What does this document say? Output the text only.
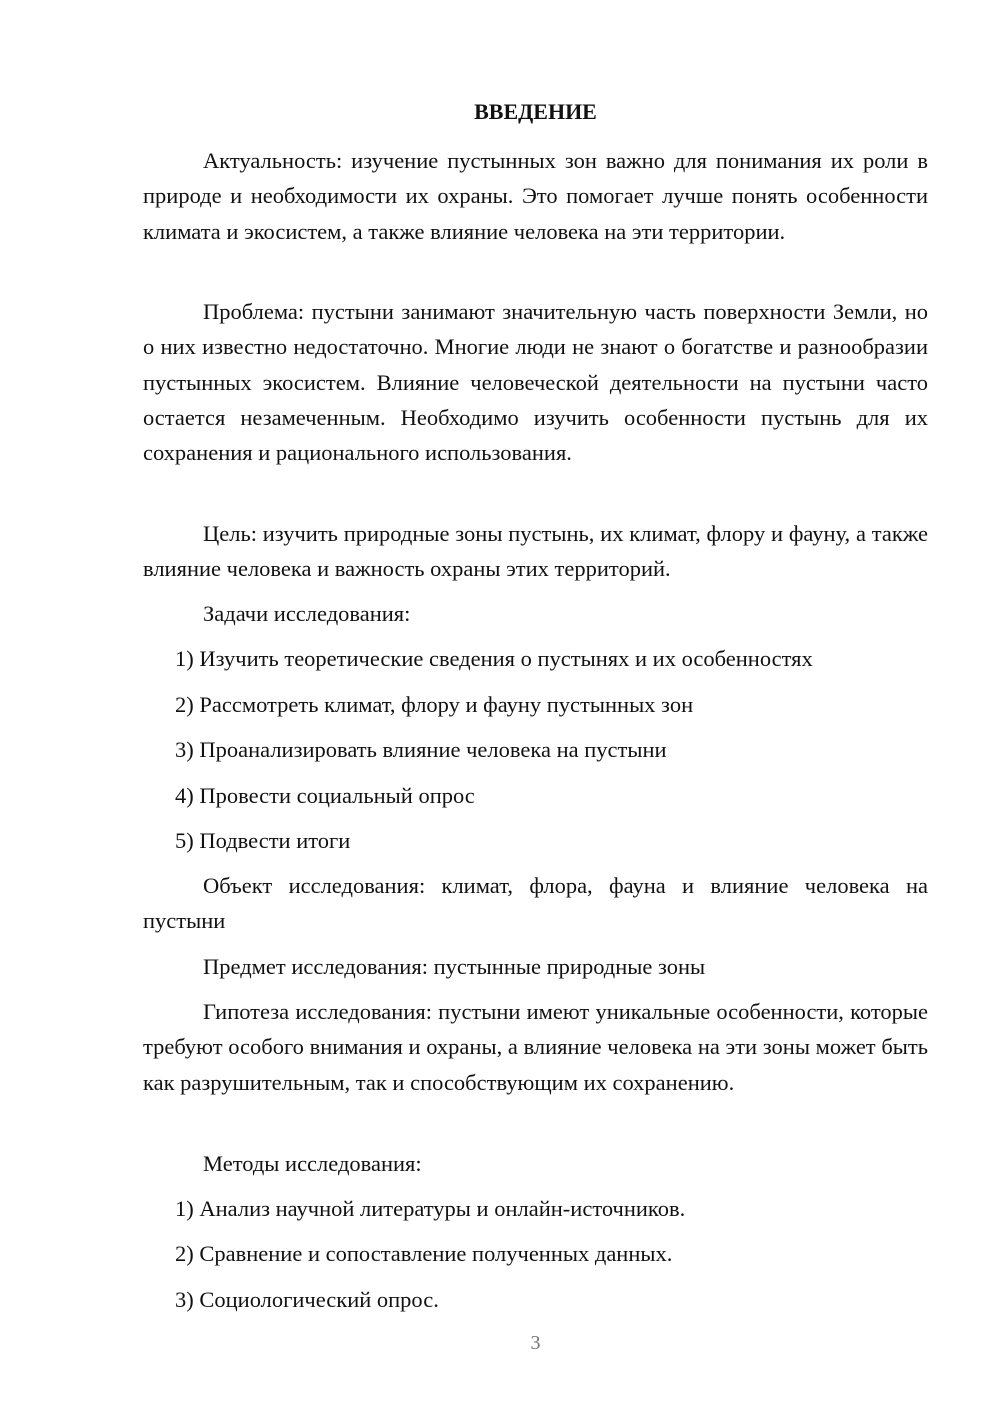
ВВЕДЕНИЕ

Актуальность: изучение пустынных зон важно для понимания их роли в природе и необходимости их охраны. Это помогает лучше понять особенности климата и экосистем, а также влияние человека на эти территории.

Проблема: пустыни занимают значительную часть поверхности Земли, но о них известно недостаточно. Многие люди не знают о богатстве и разнообразии пустынных экосистем. Влияние человеческой деятельности на пустыни часто остается незамеченным. Необходимо изучить особенности пустынь для их сохранения и рационального использования.

Цель: изучить природные зоны пустынь, их климат, флору и фауну, а также влияние человека и важность охраны этих территорий.

Задачи исследования:
1) Изучить теоретические сведения о пустынях и их особенностях
2) Рассмотреть климат, флору и фауну пустынных зон
3) Проанализировать влияние человека на пустыни
4) Провести социальный опрос
5) Подвести итоги

Объект исследования: климат, флора, фауна и влияние человека на пустыни

Предмет исследования: пустынные природные зоны

Гипотеза исследования: пустыни имеют уникальные особенности, которые требуют особого внимания и охраны, а влияние человека на эти зоны может быть как разрушительным, так и способствующим их сохранению.

Методы исследования:
1) Анализ научной литературы и онлайн-источников.
2) Сравнение и сопоставление полученных данных.
3) Социологический опрос.
3
